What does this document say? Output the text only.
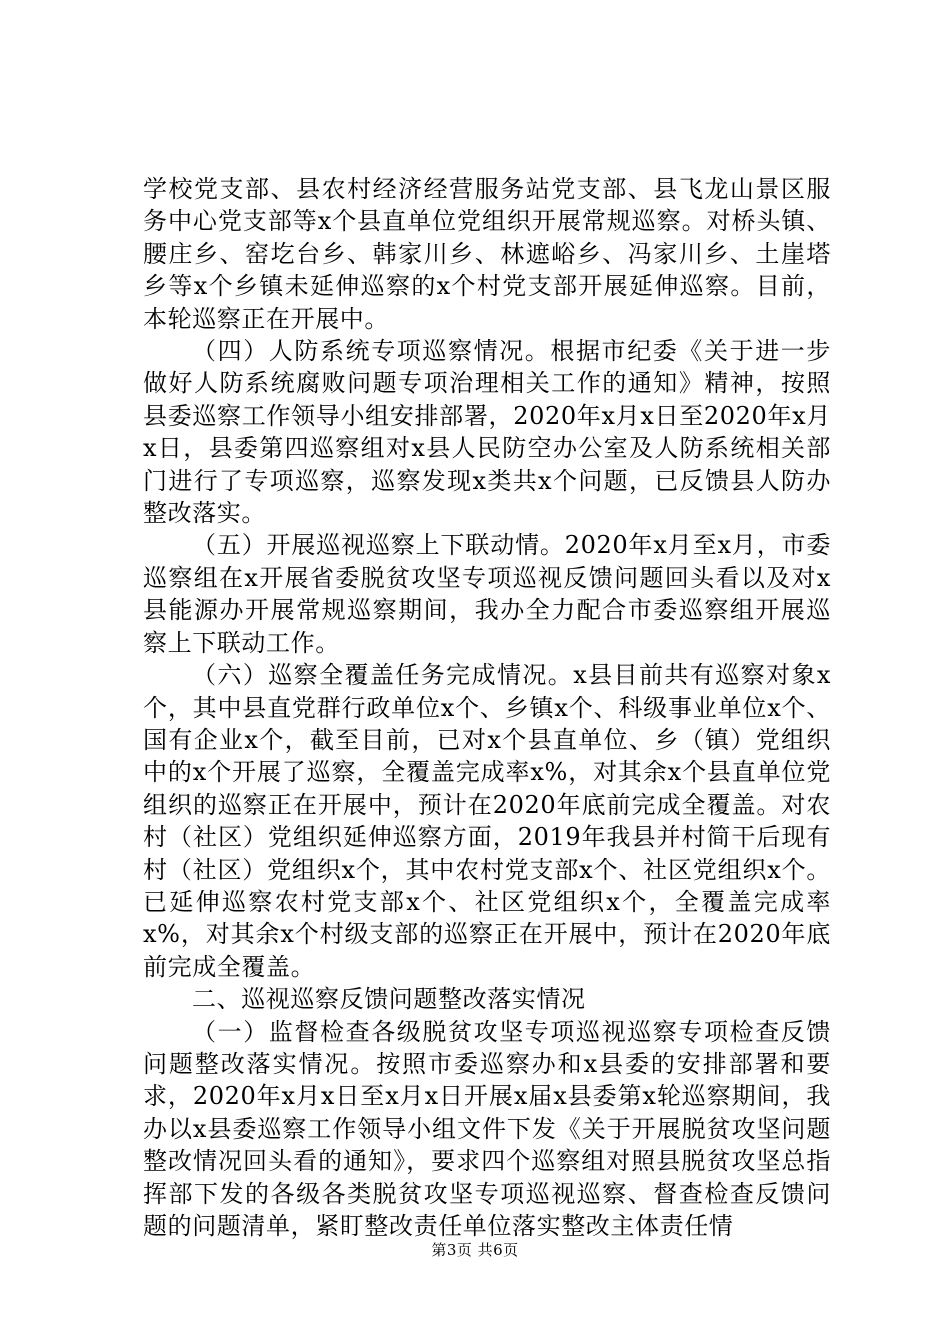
学校党支部、县农村经济经营服务站党支部、县飞龙山景区服务中心党支部等x个县直单位党组织开展常规巡察。对桥头镇、腰庄乡、窑圪台乡、韩家川乡、林遮峪乡、冯家川乡、土崖塔乡等x个乡镇未延伸巡察的x个村党支部开展延伸巡察。目前，本轮巡察正在开展中。

（四）人防系统专项巡察情况。根据市纪委《关于进一步做好人防系统腐败问题专项治理相关工作的通知》精神，按照县委巡察工作领导小组安排部署，2020年x月x日至2020年x月x日，县委第四巡察组对x县人民防空办公室及人防系统相关部门进行了专项巡察，巡察发现x类共x个问题，已反馈县人防办整改落实。

（五）开展巡视巡察上下联动情。2020年x月至x月，市委巡察组在x开展省委脱贫攻坚专项巡视反馈问题回头看以及对x县能源办开展常规巡察期间，我办全力配合市委巡察组开展巡察上下联动工作。

（六）巡察全覆盖任务完成情况。x县目前共有巡察对象x个，其中县直党群行政单位x个、乡镇x个、科级事业单位x个、国有企业x个，截至目前，已对x个县直单位、乡（镇）党组织中的x个开展了巡察，全覆盖完成率x%，对其余x个县直单位党组织的巡察正在开展中，预计在2020年底前完成全覆盖。对农村（社区）党组织延伸巡察方面，2019年我县并村简干后现有村（社区）党组织x个，其中农村党支部x个、社区党组织x个。已延伸巡察农村党支部x个、社区党组织x个，全覆盖完成率x%，对其余x个村级支部的巡察正在开展中，预计在2020年底前完成全覆盖。

二、巡视巡察反馈问题整改落实情况

（一）监督检查各级脱贫攻坚专项巡视巡察专项检查反馈问题整改落实情况。按照市委巡察办和x县委的安排部署和要求，2020年x月x日至x月x日开展x届x县委第x轮巡察期间，我办以x县委巡察工作领导小组文件下发《关于开展脱贫攻坚问题整改情况回头看的通知》，要求四个巡察组对照县脱贫攻坚总指挥部下发的各级各类脱贫攻坚专项巡视巡察、督查检查反馈问题的问题清单，紧盯整改责任单位落实整改主体责任情

第3页 共6页
